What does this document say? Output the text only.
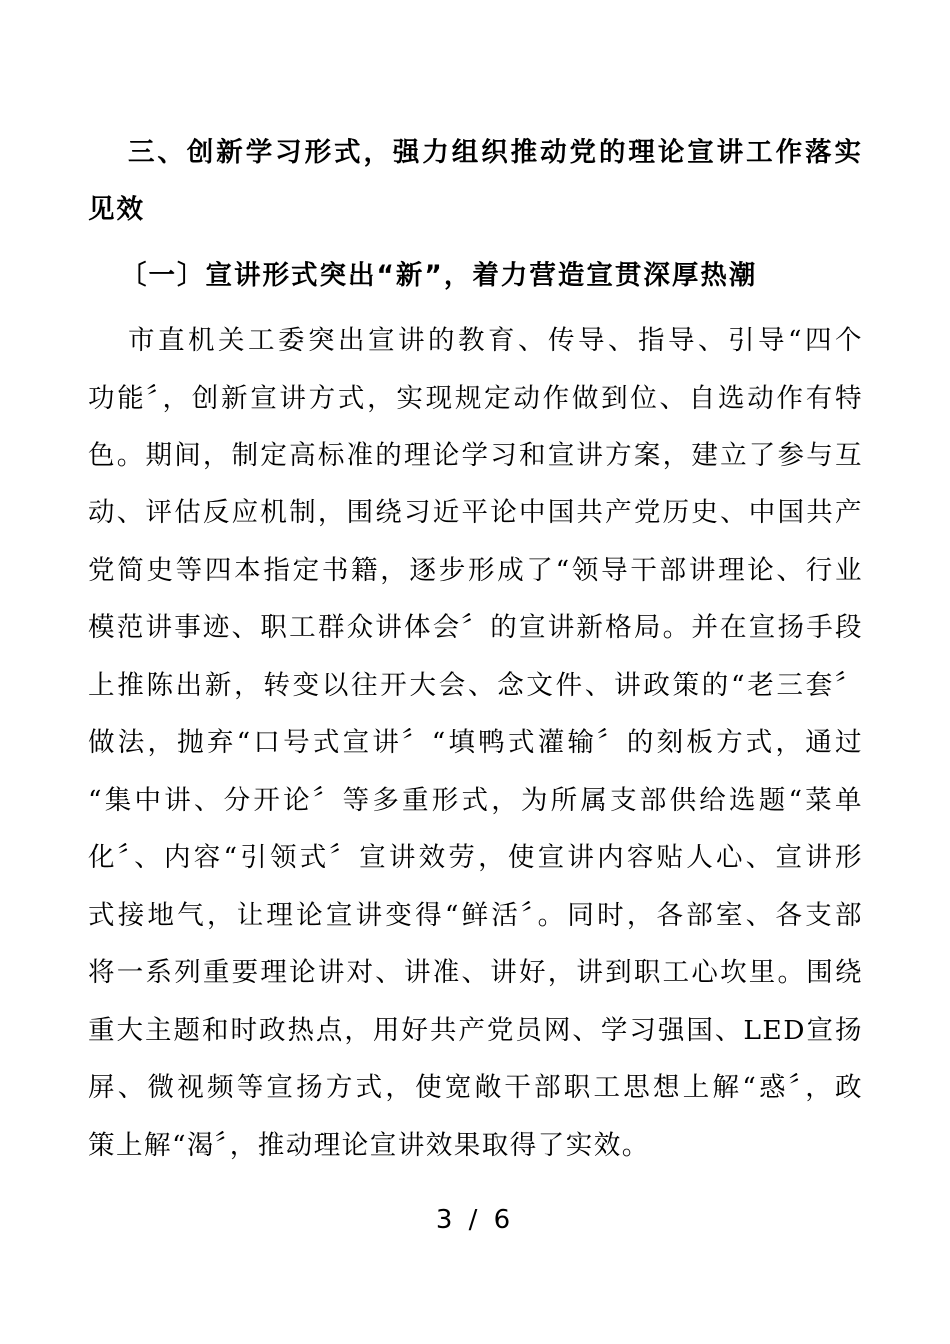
三、创新学习形式，强力组织推动党的理论宣讲工作落实
见效
〔一〕宣讲形式突出“新”，着力营造宣贯深厚热潮
市直机关工委突出宣讲的教育、传导、指导、引导“四个
功能〞，创新宣讲方式，实现规定动作做到位、自选动作有特
色。期间，制定高标准的理论学习和宣讲方案，建立了参与互
动、评估反应机制，围绕习近平论中国共产党历史、中国共产
党简史等四本指定书籍，逐步形成了“领导干部讲理论、行业
模范讲事迹、职工群众讲体会〞的宣讲新格局。并在宣扬手段
上推陈出新，转变以往开大会、念文件、讲政策的“老三套〞
做法，抛弃“口号式宣讲〞“填鸭式灌输〞的刻板方式，通过
“集中讲、分开论〞等多重形式，为所属支部供给选题“菜单
化〞、内容“引领式〞宣讲效劳，使宣讲内容贴人心、宣讲形
式接地气，让理论宣讲变得“鲜活〞。同时，各部室、各支部
将一系列重要理论讲对、讲准、讲好，讲到职工心坎里。围绕
重大主题和时政热点，用好共产党员网、学习强国、LED宣扬
屏、微视频等宣扬方式，使宽敞干部职工思想上解“惑〞，政
策上解“渴〞，推动理论宣讲效果取得了实效。
3 / 6
